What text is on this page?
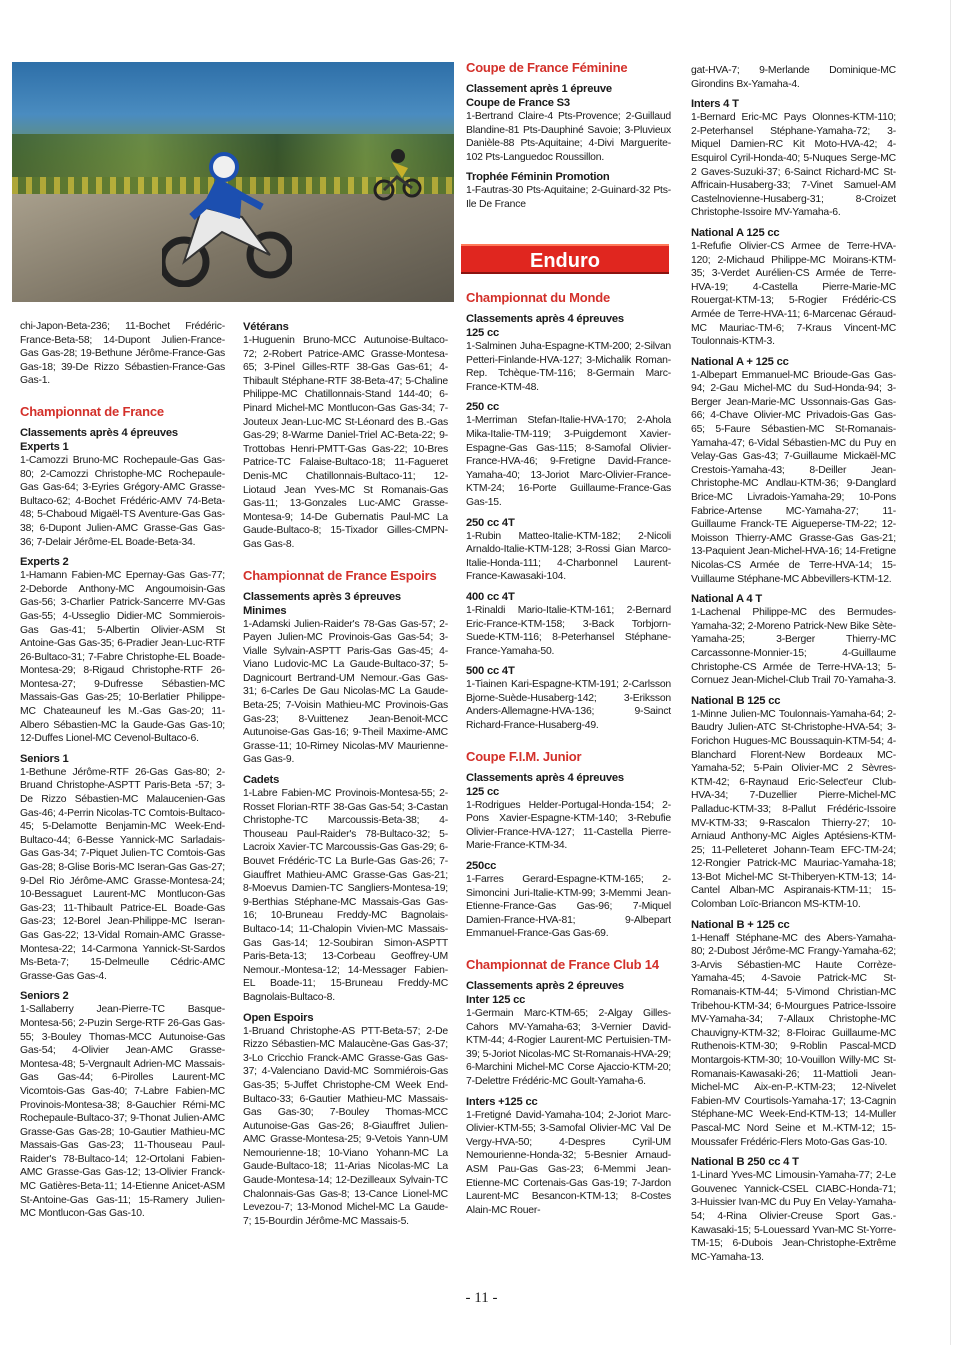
chi-Japon-Beta-236; 11-Bochet Frédéric-France-Beta-58; 14-Dupont Julien-France-Gas Gas-28; 19-Bethune Jérôme-France-Gas Gas-18; 39-De Rizzo Sébastien-France-Gas Gas-1.

Championnat de France
Classements après 4 épreuves
Experts 1

1-Camozzi Bruno-MC Rochepaule-Gas Gas-80; 2-Camozzi Christophe-MC Rochepaule-Gas Gas-64; 3-Eyries Grégory-AMC Grasse-Bultaco-62; 4-Bochet Frédéric-AMV 74-Beta-48; 5-Chaboud Migaël-TS Aventure-Gas Gas-38; 6-Dupont Julien-AMC Grasse-Gas Gas-36; 7-Delair Jérôme-EL Boade-Beta-34.

Experts 2

1-Hamann Fabien-MC Epernay-Gas Gas-77; 2-Deborde Anthony-MC Angoumoisin-Gas Gas-56; 3-Charlier Patrick-Sancerre MV-Gas Gas-55; 4-Usseglio Didier-MC Sommierois-Gas Gas-41; 5-Albertin Olivier-ASM St Antoine-Gas Gas-35; 6-Pradier Jean-Luc-RTF 26-Bultaco-31; 7-Fabre Christophe-EL Boade-Montesa-29; 8-Rigaud Christophe-RTF 26-Montesa-27; 9-Dufresse Sébastien-MC Massais-Gas Gas-25; 10-Berlatier Philippe-MC Chateauneuf les M.-Gas Gas-20; 11-Albero Sébastien-MC la Gaude-Gas Gas-10; 12-Duffes Lionel-MC Cevenol-Bultaco-6.

Seniors 1

1-Bethune Jérôme-RTF 26-Gas Gas-80; 2-Bruand Christophe-ASPTT Paris-Beta -57; 3-De Rizzo Sébastien-MC Malaucenien-Gas Gas-46; 4-Perrin Nicolas-TC Comtois-Bultaco-45; 5-Delamotte Benjamin-MC Week-End-Bultaco-44; 6-Besse Yannick-MC Sarladais-Gas Gas-34; 7-Piquet Julien-TC Comtois-Gas Gas-28; 8-Glise Boris-MC Iseran-Gas Gas-27; 9-Del Rio Jérôme-AMC Grasse-Montesa-24; 10-Bessaguet Laurent-MC Montlucon-Gas Gas-23; 11-Thibault Patrice-EL Boade-Gas Gas-23; 12-Borel Jean-Philippe-MC Iseran-Gas Gas-22; 13-Vidal Romain-AMC Grasse-Montesa-22; 14-Carmona Yannick-St-Sardos Ms-Beta-7; 15-Delmeulle Cédric-AMC Grasse-Gas Gas-4.

Seniors 2

1-Sallaberry Jean-Pierre-TC Basque-Montesa-56; 2-Puzin Serge-RTF 26-Gas Gas-55; 3-Bouley Thomas-MCC Autunoise-Gas Gas-54; 4-Olivier Jean-AMC Grasse-Montesa-48; 5-Vergnault Adrien-MC Massais-Gas Gas-44; 6-Pirolles Laurent-MC Vicomtois-Gas Gas-40; 7-Labre Fabien-MC Provinois-Montesa-38; 8-Gauchier Rémi-MC Rochepaule-Bultaco-37; 9-Thonat Julien-AMC Grasse-Gas Gas-28; 10-Gautier Mathieu-MC Massais-Gas Gas-23; 11-Thouseau Paul-Raider's 78-Bultaco-14; 12-Ortolani Fabien-AMC Grasse-Gas Gas-12; 13-Olivier Franck-MC Gatières-Beta-11; 14-Etienne Anicet-ASM St-Antoine-Gas Gas-11; 15-Ramery Julien-MC Montlucon-Gas Gas-10.

Vétérans

1-Huguenin Bruno-MCC Autunoise-Bultaco-72; 2-Robert Patrice-AMC Grasse-Montesa-65; 3-Pinel Gilles-RTF 38-Gas Gas-61; 4-Thibault Stéphane-RTF 38-Beta-47; 5-Chaline Philippe-MC Chatillonnais-Stand 144-40; 6-Pinard Michel-MC Montlucon-Gas Gas-34; 7-Jouteux Jean-Luc-MC St-Léonard des B.-Gas Gas-29; 8-Warme Daniel-Triel AC-Beta-22; 9-Trottobas Henri-PMTT-Gas Gas-22; 10-Bres Patrice-TC Falaise-Bultaco-18; 11-Fagueret Denis-MC Chatillonnais-Bultaco-11; 12-Liotaud Jean Yves-MC St Romanais-Gas Gas-11; 13-Gonzales Luc-AMC Grasse-Montesa-9; 14-De Gubernatis Paul-MC La Gaude-Bultaco-8; 15-Tixador Gilles-CMPN-Gas Gas-8.

Championnat de France Espoirs
Classements après 3 épreuves
Minimes

1-Adamski Julien-Raider's 78-Gas Gas-57; 2-Payen Julien-MC Provinois-Gas Gas-54; 3-Vialle Sylvain-ASPTT Paris-Gas Gas-45; 4-Viano Ludovic-MC La Gaude-Bultaco-37; 5-Dagnicourt Bertrand-UM Nemour.-Gas Gas-31; 6-Carles De Gau Nicolas-MC La Gaude-Beta-25; 7-Voisin Mathieu-MC Provinois-Gas Gas-23; 8-Vuittenez Jean-Benoit-MCC Autunoise-Gas Gas-16; 9-Theil Maxime-AMC Grasse-11; 10-Rimey Nicolas-MV Maurienne-Gas Gas-9.

Cadets

1-Labre Fabien-MC Provinois-Montesa-55; 2-Rosset Florian-RTF 38-Gas Gas-54; 3-Castan Christophe-TC Marcoussis-Beta-38; 4-Thouseau Paul-Raider's 78-Bultaco-32; 5-Lacroix Xavier-TC Marcoussis-Gas Gas-29; 6-Bouvet Frédéric-TC La Burle-Gas Gas-26; 7-Giauffret Mathieu-AMC Grasse-Gas Gas-21; 8-Moevus Damien-TC Sangliers-Montesa-19; 9-Berthias Stéphane-MC Massais-Gas Gas-16; 10-Bruneau Freddy-MC Bagnolais-Bultaco-14; 11-Chalopin Vivien-MC Massais-Gas Gas-14; 12-Soubiran Simon-ASPTT Paris-Beta-13; 13-Corbeau Geoffrey-UM Nemour.-Montesa-12; 14-Messager Fabien-EL Boade-11; 15-Bruneau Freddy-MC Bagnolais-Bultaco-8.

Open Espoirs

1-Bruand Christophe-AS PTT-Beta-57; 2-De Rizzo Sébastien-MC Malaucène-Gas Gas-37; 3-Lo Cricchio Franck-AMC Grasse-Gas Gas-37; 4-Valenciano David-MC Sommiérois-Gas Gas-35; 5-Juffet Christophe-CM Week End-Bultaco-33; 6-Gautier Mathieu-MC Massais-Gas Gas-30; 7-Bouley Thomas-MCC Autunoise-Gas Gas-26; 8-Giauffret Julien-AMC Grasse-Montesa-25; 9-Vetois Yann-UM Nemourienne-18; 10-Viano Yohann-MC La Gaude-Bultaco-18; 11-Arias Nicolas-MC La Gaude-Montesa-14; 12-Dezilleaux Sylvain-TC Chalonnais-Gas Gas-8; 13-Cance Lionel-MC Levezou-7; 13-Monod Michel-MC La Gaude-7; 15-Bourdin Jérôme-MC Massais-5.

Coupe de France Féminine
Classement après 1 épreuve
Coupe de France S3

1-Bertrand Claire-4 Pts-Provence; 2-Guillaud Blandine-81 Pts-Dauphiné Savoie; 3-Pluvieux Danièle-88 Pts-Aquitaine; 4-Divi Marguerite-102 Pts-Languedoc Roussillon.

Trophée Féminin Promotion

1-Fautras-30 Pts-Aquitaine; 2-Guinard-32 Pts-Ile De France

Enduro
Championnat du Monde
Classements après 4 épreuves
125 cc

1-Salminen Juha-Espagne-KTM-200; 2-Silvan Petteri-Finlande-HVA-127; 3-Michalik Roman-Rep. Tchèque-TM-116; 8-Germain Marc-France-KTM-48.

250 cc

1-Merriman Stefan-Italie-HVA-170; 2-Ahola Mika-Italie-TM-119; 3-Puigdemont Xavier-Espagne-Gas Gas-115; 8-Samofal Olivier-France-HVA-46; 9-Fretigne David-France-Yamaha-40; 13-Joriot Marc-Olivier-France-KTM-24; 16-Porte Guillaume-France-Gas Gas-15.

250 cc 4T

1-Rubin Matteo-Italie-KTM-182; 2-Nicoli Arnaldo-Italie-KTM-128; 3-Rossi Gian Marco-Italie-Honda-111; 4-Charbonnel Laurent-France-Kawasaki-104.

400 cc 4T

1-Rinaldi Mario-Italie-KTM-161; 2-Bernard Eric-France-KTM-158; 3-Back Torbjorn-Suede-KTM-116; 8-Peterhansel Stéphane-France-Yamaha-50.

500 cc 4T

1-Tiainen Kari-Espagne-KTM-191; 2-Carlsson Bjorne-Suède-Husaberg-142; 3-Eriksson Anders-Allemagne-HVA-136; 9-Sainct Richard-France-Husaberg-49.

Coupe F.I.M. Junior
Classements après 4 épreuves
125 cc

1-Rodrigues Helder-Portugal-Honda-154; 2-Pons Xavier-Espagne-KTM-140; 3-Rebufie Olivier-France-HVA-127; 11-Castella Pierre-Marie-France-KTM-34.

250cc

1-Farres Gerard-Espagne-KTM-165; 2-Simoncini Juri-Italie-KTM-99; 3-Memmi Jean-Etienne-France-Gas Gas-96; 7-Miquel Damien-France-HVA-81; 9-Albepart Emmanuel-France-Gas Gas-69.

Championnat de France Club 14
Classements après 2 épreuves
Inter 125 cc

1-Germain Marc-KTM-65; 2-Algay Gilles-Cahors MV-Yamaha-63; 3-Vernier David-KTM-44; 4-Rogier Laurent-MC Pertuisien-TM-39; 5-Joriot Nicolas-MC St-Romanais-HVA-29; 6-Marchini Michel-MC Corse Ajaccio-KTM-20; 7-Delettre Frédéric-MC Goult-Yamaha-6.

Inters +125 cc

1-Fretigné David-Yamaha-104; 2-Joriot Marc-Olivier-KTM-55; 3-Samofal Olivier-MC Val De Vergy-HVA-50; 4-Despres Cyril-UM Nemourienne-Honda-32; 5-Besnier Arnaud-ASM Pau-Gas Gas-23; 6-Memmi Jean-Etienne-MC Cortenais-Gas Gas-19; 7-Jardon Laurent-MC Besancon-KTM-13; 8-Costes Alain-MC Rouer-

gat-HVA-7; 9-Merlande Dominique-MC Girondins Bx-Yamaha-4.

Inters 4 T

1-Bernard Eric-MC Pays Olonnes-KTM-110; 2-Peterhansel Stéphane-Yamaha-72; 3-Miquel Damien-RC Kit Moto-HVA-42; 4-Esquirol Cyril-Honda-40; 5-Nuques Serge-MC 2 Gaves-Suzuki-37; 6-Sainct Richard-MC St-Affricain-Husaberg-33; 7-Vinet Samuel-AM Castelnovienne-Husaberg-31; 8-Croizet Christophe-Issoire MV-Yamaha-6.

National A 125 cc

1-Refufie Olivier-CS Armee de Terre-HVA-120; 2-Michaud Philippe-MC Moirans-KTM-35; 3-Verdet Aurélien-CS Armée de Terre-HVA-19; 4-Castella Pierre-Marie-MC Rouergat-KTM-13; 5-Rogier Frédéric-CS Armée de Terre-HVA-11; 6-Marcenac Géraud-MC Mauriac-TM-6; 7-Kraus Vincent-MC Toulonnais-KTM-3.

National A + 125 cc

1-Albepart Emmanuel-MC Brioude-Gas Gas-94; 2-Gau Michel-MC du Sud-Honda-94; 3-Berger Jean-Marie-MC Ussonnais-Gas Gas-66; 4-Chave Olivier-MC Privadois-Gas Gas-65; 5-Faure Sébastien-MC St-Romanais-Yamaha-47; 6-Vidal Sébastien-MC du Puy en Velay-Gas Gas-43; 7-Guillaume Mickaël-MC Crestois-Yamaha-43; 8-Deiller Jean-Christophe-MC Andlau-KTM-36; 9-Danglard Brice-MC Livradois-Yamaha-29; 10-Pons Fabrice-Artense MC-Yamaha-27; 11-Guillaume Franck-TE Aigueperse-TM-22; 12-Moisson Thierry-AMC Grasse-Gas Gas-21; 13-Paquient Jean-Michel-HVA-16; 14-Fretigne Nicolas-CS Armée de Terre-HVA-14; 15-Vuillaume Stéphane-MC Abbevillers-KTM-12.

National A 4 T

1-Lachenal Philippe-MC des Bermudes-Yamaha-32; 2-Moreno Patrick-New Bike Sète-Yamaha-25; 3-Berger Thierry-MC Carcassonne-Monnier-15; 4-Guillaume Christophe-CS Armée de Terre-HVA-13; 5-Cornuez Jean-Michel-Club Trail 70-Yamaha-3.

National B 125 cc

1-Minne Julien-MC Toulonnais-Yamaha-64; 2-Baudry Julien-ATC St-Christophe-HVA-54; 3-Forichon Hugues-MC Boussaquin-KTM-54; 4-Blanchard Florent-New Bordeaux MC-Yamaha-52; 5-Pain Olivier-MC 2 Sèvres-KTM-42; 6-Raynaud Eric-Select'eur Club-HVA-34; 7-Duzellier Pierre-Michel-MC Palladuc-KTM-33; 8-Pallut Frédéric-Issoire MV-KTM-33; 9-Rascalon Thierry-27; 10-Arniaud Anthony-MC Aigles Aptésiens-KTM-25; 11-Pelleteret Johann-Team EFC-TM-24; 12-Rongier Patrick-MC Mauriac-Yamaha-18; 13-Bot Michel-MC St-Thiberyen-KTM-13; 14-Cantel Alban-MC Aspiranais-KTM-11; 15-Colomban Loïc-Briancon MS-KTM-10.

National B + 125 cc

1-Henaff Stéphane-MC des Abers-Yamaha-80; 2-Dubost Jérôme-MC Frangy-Yamaha-62; 3-Arvis Sébastien-MC Haute Corrèze-Yamaha-45; 4-Savoie Patrick-MC St-Romanais-KTM-44; 5-Vimond Christian-MC Tribehou-KTM-34; 6-Mourgues Patrice-Issoire MV-Yamaha-34; 7-Allaux Christophe-MC Chauvigny-KTM-32; 8-Floirac Guillaume-MC Ruthenois-KTM-30; 9-Roblin Pascal-MCD Montargois-KTM-30; 10-Vouillon Willy-MC St-Romanais-Kawasaki-26; 11-Mattioli Jean-Michel-MC Aix-en-P.-KTM-23; 12-Nivelet Fabien-MV Courtisols-Yamaha-17; 13-Cagnin Stéphane-MC Week-End-KTM-13; 14-Muller Pascal-MC Nord Seine et M.-KTM-12; 15-Moussafer Frédéric-Flers Moto-Gas Gas-10.

National B 250 cc 4 T

1-Linard Yves-MC Limousin-Yamaha-77; 2-Le Gouvenec Yannick-CSEL CIABC-Honda-71; 3-Huissier Ivan-MC du Puy En Velay-Yamaha-54; 4-Rina Olivier-Creuse Sport Gas.-Kawasaki-15; 5-Louessard Yvan-MC St-Yorre-TM-15; 6-Dubois Jean-Christophe-Extrême MC-Yamaha-13.

- 11 -
